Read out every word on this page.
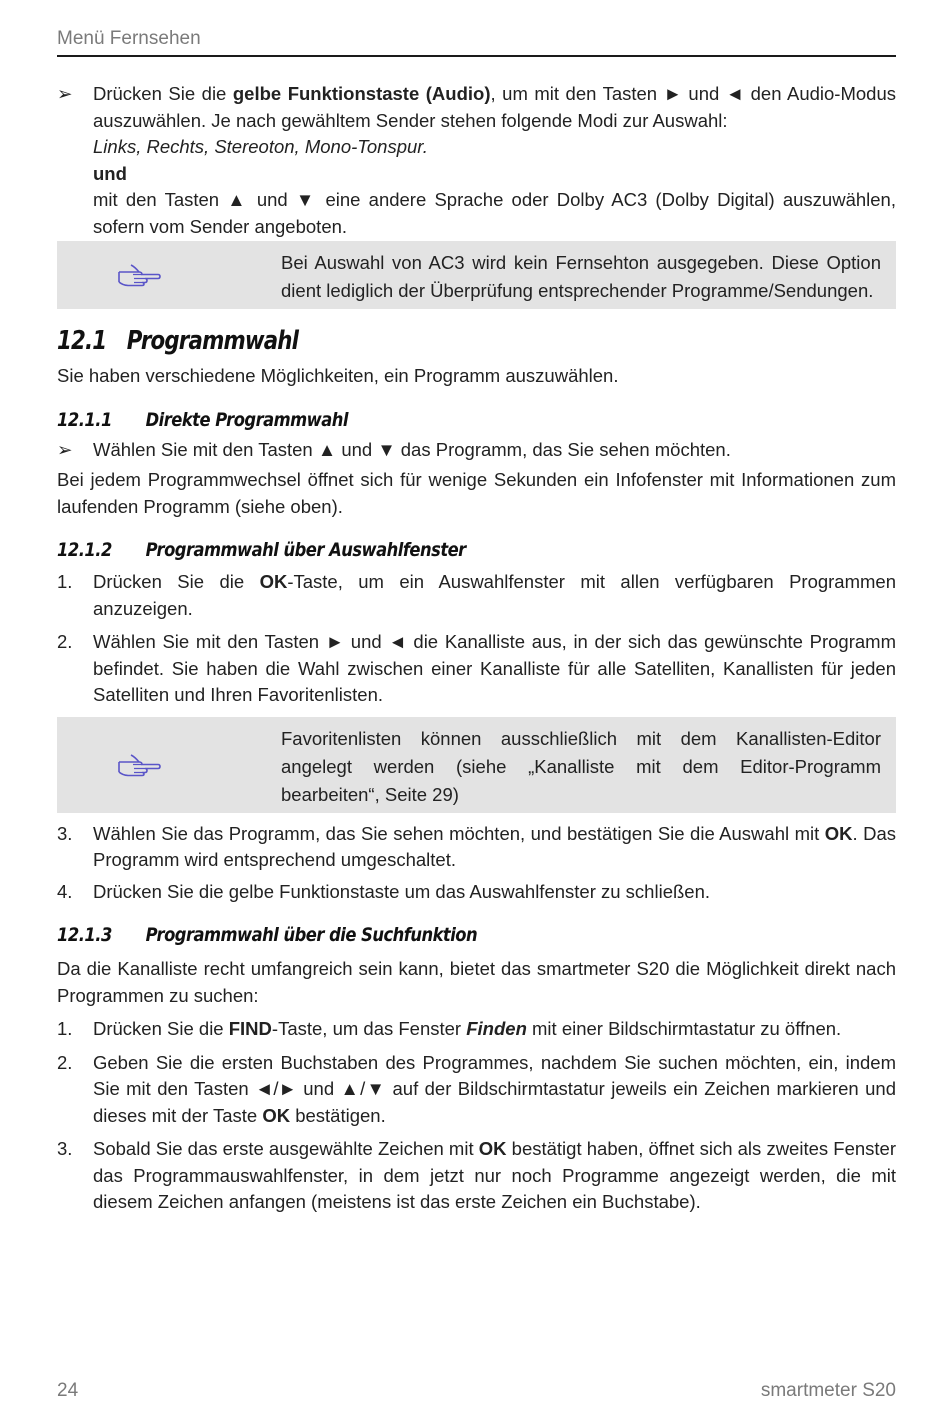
Menü Fernsehen
➢ Drücken Sie die gelbe Funktionstaste (Audio), um mit den Tasten ► und ◄ den Audio-Modus auszuwählen. Je nach gewähltem Sender stehen folgende Modi zur Auswahl:
Links, Rechts, Stereoton, Mono-Tonspur.
und
mit den Tasten ▲ und ▼ eine andere Sprache oder Dolby AC3 (Dolby Digital) auszuwählen, sofern vom Sender angeboten.
Bei Auswahl von AC3 wird kein Fernsehton ausgegeben. Diese Option dient lediglich der Überprüfung entsprechender Programme/Sendungen.
12.1 Programmwahl

Sie haben verschiedene Möglichkeiten, ein Programm auszuwählen.

12.1.1 Direkte Programmwahl
➢ Wählen Sie mit den Tasten ▲ und ▼ das Programm, das Sie sehen möchten.

Bei jedem Programmwechsel öffnet sich für wenige Sekunden ein Infofenster mit Informationen zum laufenden Programm (siehe oben).

12.1.2 Programmwahl über Auswahlfenster
1. Drücken Sie die OK-Taste, um ein Auswahlfenster mit allen verfügbaren Programmen anzuzeigen.
2. Wählen Sie mit den Tasten ► und ◄ die Kanalliste aus, in der sich das gewünschte Programm befindet. Sie haben die Wahl zwischen einer Kanalliste für alle Satelliten, Kanallisten für jeden Satelliten und Ihren Favoritenlisten.
Favoritenlisten können ausschließlich mit dem Kanallisten-Editor angelegt werden (siehe „Kanalliste mit dem Editor-Programm bearbeiten“, Seite 29)
3. Wählen Sie das Programm, das Sie sehen möchten, und bestätigen Sie die Auswahl mit OK. Das Programm wird entsprechend umgeschaltet.
4. Drücken Sie die gelbe Funktionstaste um das Auswahlfenster zu schließen.
12.1.3 Programmwahl über die Suchfunktion

Da die Kanalliste recht umfangreich sein kann, bietet das smartmeter S20 die Möglichkeit direkt nach Programmen zu suchen:

1. Drücken Sie die FIND-Taste, um das Fenster Finden mit einer Bildschirmtastatur zu öffnen.
2. Geben Sie die ersten Buchstaben des Programmes, nachdem Sie suchen möchten, ein, indem Sie mit den Tasten ◄/► und ▲/▼ auf der Bildschirmtastatur jeweils ein Zeichen markieren und dieses mit der Taste OK bestätigen.
3. Sobald Sie das erste ausgewählte Zeichen mit OK bestätigt haben, öffnet sich als zweites Fenster das Programmauswahlfenster, in dem jetzt nur noch Programme angezeigt werden, die mit diesem Zeichen anfangen (meistens ist das erste Zeichen ein Buchstabe).
24	smartmeter S20
